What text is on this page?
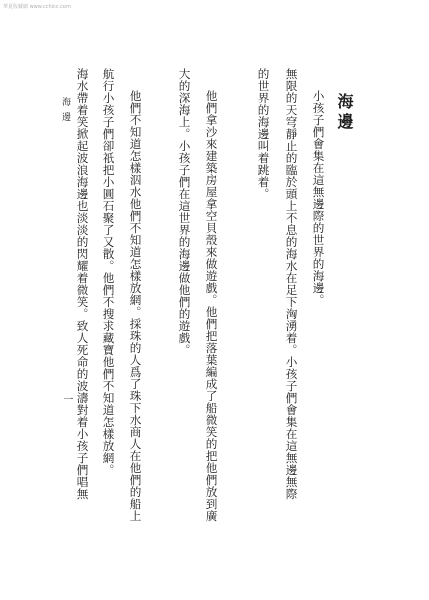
華夏收藏網 www.cchicc.com
海邊
小孩子們會集在這無邊際的世界的海邊。
無限的天穹靜止的臨於頭上不息的海水在足下洶湧着。小孩子們會集在這無邊無際
的世界的海邊叫着跳着。
他們拿沙來建築房屋拿空貝殼來做遊戲。他們把落葉編成了船微笑的把他們放到廣
大的深海上。小孩子們在這世界的海邊做他們的遊戲。
他們不知道怎樣泅水他們不知道怎樣放網。採珠的人爲了珠下水商人在他們的船上
航行小孩子們卻祇把小圓石聚了又散。他們不搜求藏寶他們不知道怎樣放網。
海水帶着笑掀起波浪海邊也淡淡的閃耀着微笑。致人死命的波濤對着小孩子們唱無
海邊
一
